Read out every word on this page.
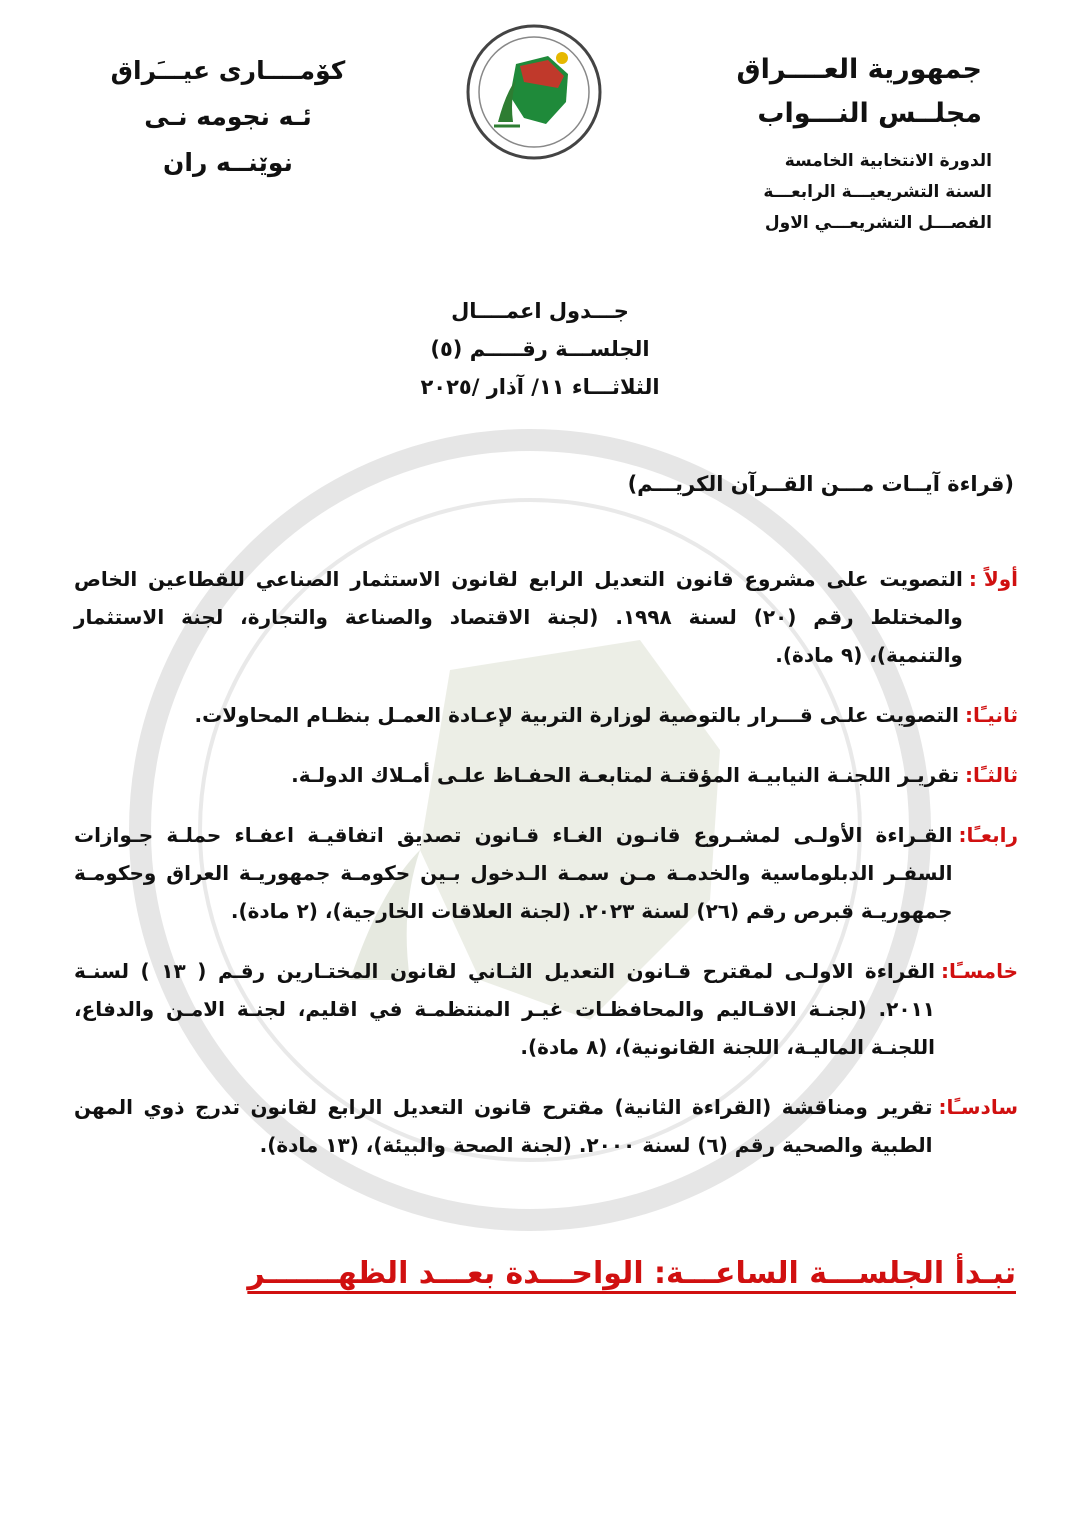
جمهورية العــــراق
مجلــس النـــواب
الدورة الانتخابية الخامسة
السنة التشريعيـــة الرابعـــة
الفصـــل التشريعـــي الاول
كۆمــــارى عيـــَراق
ئـه نجومه نـى نوێنــه ران
جـــدول اعمــــال
الجلســـة رقـــــم (٥)
الثلاثـــاء ١١/ آذار /٢٠٢٥
(قراءة آيــات مـــن القــرآن الكريـــم)
أولاً :
التصويت على مشروع قانون التعديل الرابع لقانون الاستثمار الصناعي للقطاعين الخاص والمختلط رقم (٢٠) لسنة ١٩٩٨. (لجنة الاقتصاد والصناعة والتجارة، لجنة الاستثمار والتنمية)، (٩ مادة).
ثانيـًا:
التصويت علـى قـــرار بالتوصية لوزارة التربية لإعـادة العمـل بنظـام المحاولات.
ثالثـًا:
تقريـر اللجنـة النيابيـة المؤقتـة لمتابعـة الحفـاظ علـى أمـلاك الدولـة.
رابعـًا:
القـراءة الأولـى لمشـروع قانـون الغـاء قـانون تصديق اتفاقيـة اعفـاء حملـة جـوازات السفـر الدبلوماسية والخدمـة مـن سمـة الـدخول بـين حكومـة جمهوريـة العراق وحكومـة جمهوريـة قبرص رقم (٢٦) لسنة ٢٠٢٣. (لجنة العلاقات الخارجية)، (٢ مادة).
خامسـًا:
القراءة الاولـى لمقترح قـانون التعديل الثـاني لقانون المختـارين رقـم ( ١٣ ) لسنـة ٢٠١١. (لجنـة الاقـاليم والمحافظـات غيـر المنتظمـة في اقليم، لجنـة الامـن والدفاع، اللجنـة الماليـة، اللجنة القانونية)، (٨ مادة).
سادسـًا:
تقرير ومناقشة (القراءة الثانية) مقترح قانون التعديل الرابع لقانون تدرج ذوي المهن الطبية والصحية رقم (٦) لسنة ٢٠٠٠. (لجنة الصحة والبيئة)، (١٣ مادة).
تبـدأ الجلســـة الساعـــة: الواحـــدة بعـــد الظهـــــــر
